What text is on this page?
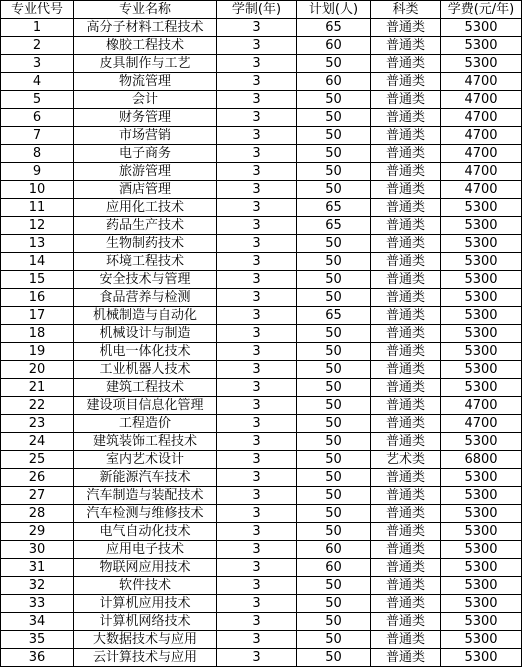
专业代号	专业名称	学制(年)	计划(人)	科类	学费(元/年)
1	高分子材料工程技术	3	65	普通类	5300
2	橡胶工程技术	3	60	普通类	5300
3	皮具制作与工艺	3	50	普通类	5300
4	物流管理	3	60	普通类	4700
5	会计	3	50	普通类	4700
6	财务管理	3	50	普通类	4700
7	市场营销	3	50	普通类	4700
8	电子商务	3	50	普通类	4700
9	旅游管理	3	50	普通类	4700
10	酒店管理	3	50	普通类	4700
11	应用化工技术	3	65	普通类	5300
12	药品生产技术	3	65	普通类	5300
13	生物制药技术	3	50	普通类	5300
14	环境工程技术	3	50	普通类	5300
15	安全技术与管理	3	50	普通类	5300
16	食品营养与检测	3	50	普通类	5300
17	机械制造与自动化	3	65	普通类	5300
18	机械设计与制造	3	50	普通类	5300
19	机电一体化技术	3	50	普通类	5300
20	工业机器人技术	3	50	普通类	5300
21	建筑工程技术	3	50	普通类	5300
22	建设项目信息化管理	3	50	普通类	4700
23	工程造价	3	50	普通类	4700
24	建筑装饰工程技术	3	50	普通类	5300
25	室内艺术设计	3	50	艺术类	6800
26	新能源汽车技术	3	50	普通类	5300
27	汽车制造与装配技术	3	50	普通类	5300
28	汽车检测与维修技术	3	50	普通类	5300
29	电气自动化技术	3	50	普通类	5300
30	应用电子技术	3	60	普通类	5300
31	物联网应用技术	3	60	普通类	5300
32	软件技术	3	50	普通类	5300
33	计算机应用技术	3	50	普通类	5300
34	计算机网络技术	3	50	普通类	5300
35	大数据技术与应用	3	50	普通类	5300
36	云计算技术与应用	3	50	普通类	5300
